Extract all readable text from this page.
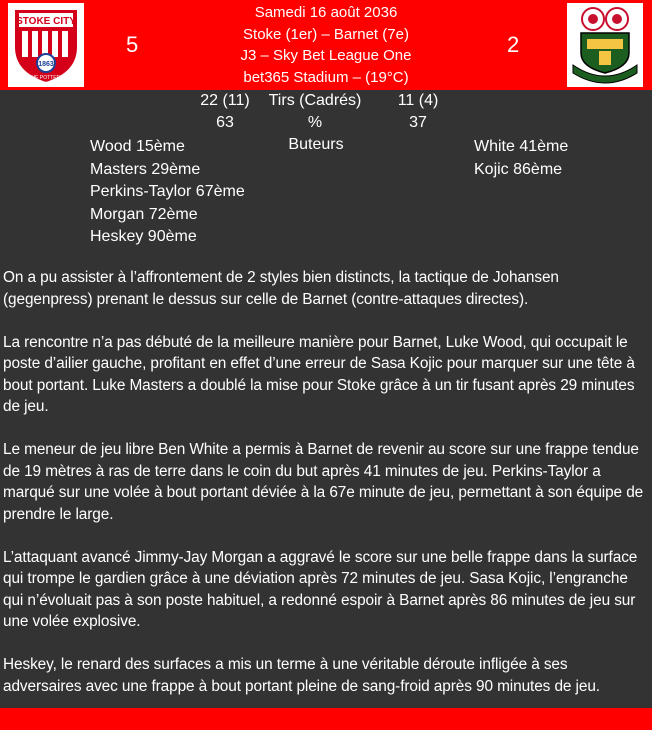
STOKE CITY
1863
THE POTTERS
5
Samedi 16 août 2036
Stoke (1er) – Barnet (7e)
J3 – Sky Bet League One
bet365 Stadium – (19°C)
2
22 (11)	Tirs (Cadrés)	11 (4)
63	%	37
Buteurs
Wood 15ème
Masters 29ème
Perkins-Taylor 67ème
Morgan 72ème
Heskey 90ème
White 41ème
Kojic 86ème

On a pu assister à l’affrontement de 2 styles bien distincts, la tactique de Johansen (gegenpress) prenant le dessus sur celle de Barnet (contre-attaques directes).

La rencontre n’a pas débuté de la meilleure manière pour Barnet, Luke Wood, qui occupait le poste d’ailier gauche, profitant en effet d’une erreur de Sasa Kojic pour marquer sur une tête à bout portant. Luke Masters a doublé la mise pour Stoke grâce à un tir fusant après 29 minutes de jeu.

Le meneur de jeu libre Ben White a permis à Barnet de revenir au score sur une frappe tendue de 19 mètres à ras de terre dans le coin du but après 41 minutes de jeu. Perkins-Taylor a marqué sur une volée à bout portant déviée à la 67e minute de jeu, permettant à son équipe de prendre le large.

L’attaquant avancé Jimmy-Jay Morgan a aggravé le score sur une belle frappe dans la surface qui trompe le gardien grâce à une déviation après 72 minutes de jeu. Sasa Kojic, l’engranche qui n’évoluait pas à son poste habituel, a redonné espoir à Barnet après 86 minutes de jeu sur une volée explosive.

Heskey, le renard des surfaces a mis un terme à une véritable déroute infligée à ses adversaires avec une frappe à bout portant pleine de sang-froid après 90 minutes de jeu.
